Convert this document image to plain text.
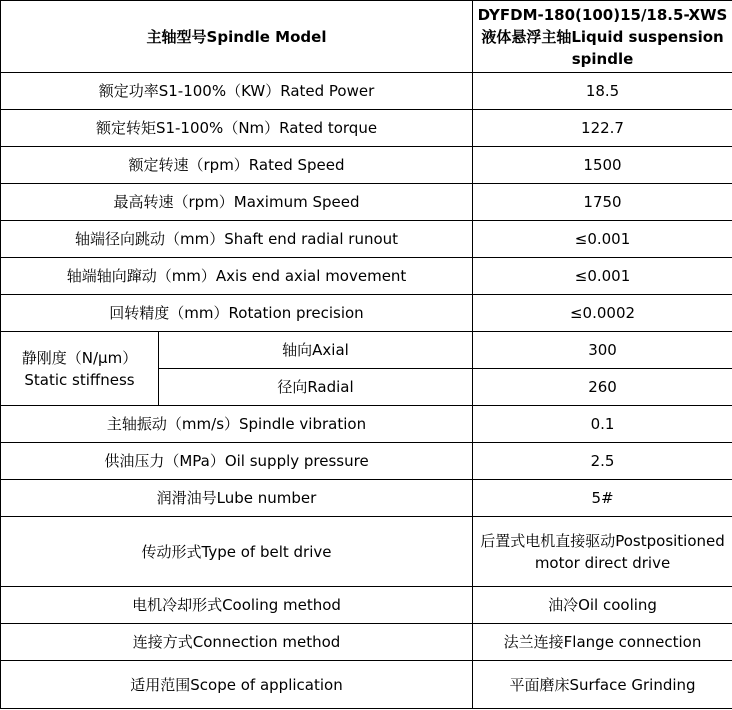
主轴型号Spindle Model		DYFDM-180(100)15/18.5-XWS液体悬浮主轴Liquid suspension spindle
额定功率S1-100%（KW）Rated Power		18.5
额定转矩S1-100%（Nm）Rated torque		122.7
额定转速（rpm）Rated Speed		1500
最高转速（rpm）Maximum Speed		1750
轴端径向跳动（mm）Shaft end radial runout		≤0.001
轴端轴向蹿动（mm）Axis end axial movement		≤0.001
回转精度（mm）Rotation precision		≤0.0002
静刚度（N/μm）Static stiffness	轴向Axial	300
	径向Radial	260
主轴振动（mm/s）Spindle vibration		0.1
供油压力（MPa）Oil supply pressure		2.5
润滑油号Lube number		5#
传动形式Type of belt drive		后置式电机直接驱动Postpositioned motor direct drive
电机冷却形式Cooling method		油冷Oil cooling
连接方式Connection method		法兰连接Flange connection
适用范围Scope of application		平面磨床Surface Grinding
